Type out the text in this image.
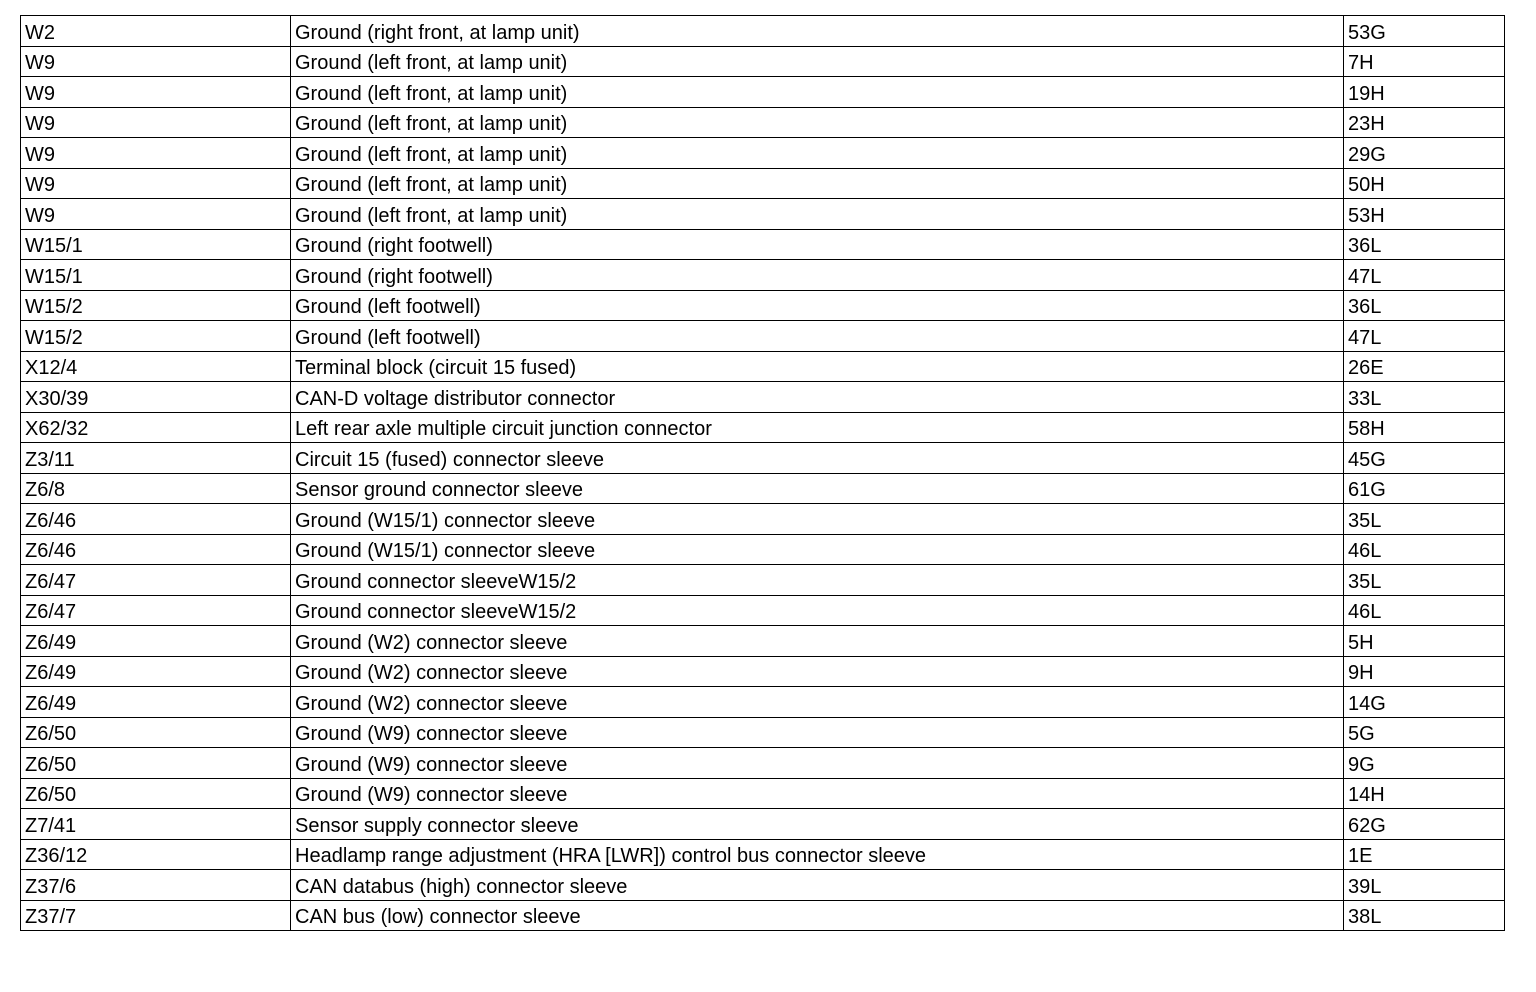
W2	Ground (right front, at lamp unit)	53G
W9	Ground (left front, at lamp unit)	7H
W9	Ground (left front, at lamp unit)	19H
W9	Ground (left front, at lamp unit)	23H
W9	Ground (left front, at lamp unit)	29G
W9	Ground (left front, at lamp unit)	50H
W9	Ground (left front, at lamp unit)	53H
W15/1	Ground (right footwell)	36L
W15/1	Ground (right footwell)	47L
W15/2	Ground (left footwell)	36L
W15/2	Ground (left footwell)	47L
X12/4	Terminal block (circuit 15 fused)	26E
X30/39	CAN-D voltage distributor connector	33L
X62/32	Left rear axle multiple circuit junction connector	58H
Z3/11	Circuit 15 (fused) connector sleeve	45G
Z6/8	Sensor ground connector sleeve	61G
Z6/46	Ground (W15/1) connector sleeve	35L
Z6/46	Ground (W15/1) connector sleeve	46L
Z6/47	Ground connector sleeveW15/2	35L
Z6/47	Ground connector sleeveW15/2	46L
Z6/49	Ground (W2) connector sleeve	5H
Z6/49	Ground (W2) connector sleeve	9H
Z6/49	Ground (W2) connector sleeve	14G
Z6/50	Ground (W9) connector sleeve	5G
Z6/50	Ground (W9) connector sleeve	9G
Z6/50	Ground (W9) connector sleeve	14H
Z7/41	Sensor supply connector sleeve	62G
Z36/12	Headlamp range adjustment (HRA [LWR]) control bus connector sleeve	1E
Z37/6	CAN databus (high) connector sleeve	39L
Z37/7	CAN bus (low) connector sleeve	38L
